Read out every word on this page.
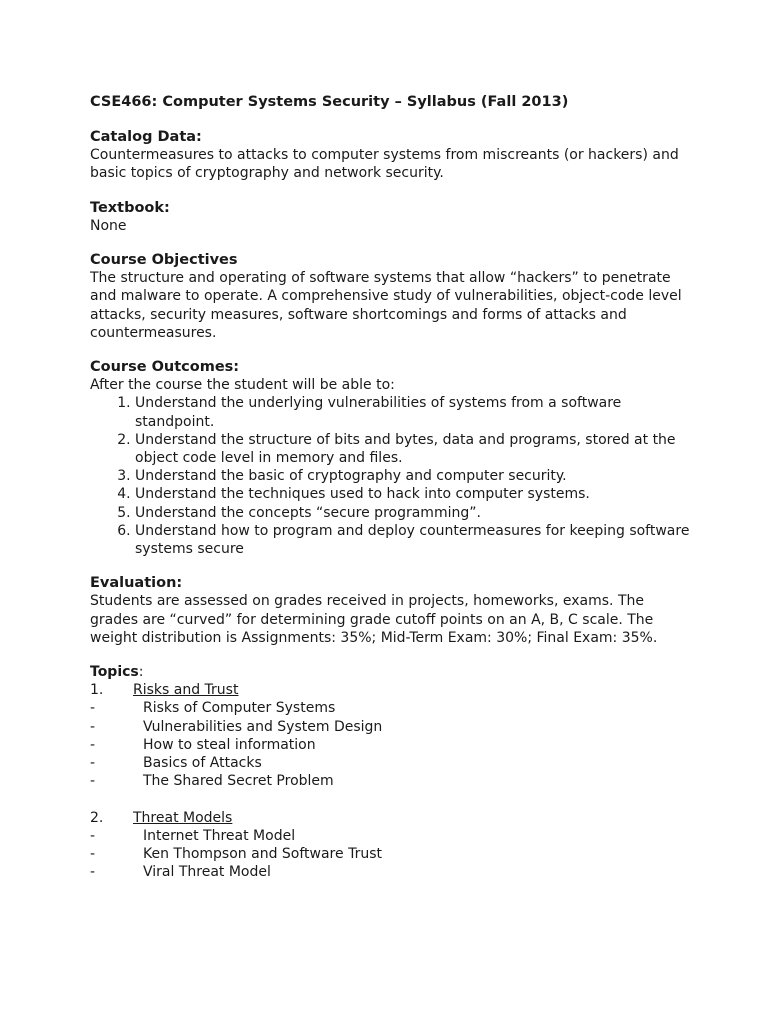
CSE466: Computer Systems Security – Syllabus (Fall 2013)

Catalog Data:

Countermeasures to attacks to computer systems from miscreants (or hackers) and basic topics of cryptography and network security.

Textbook:

None

Course Objectives

The structure and operating of software systems that allow “hackers” to penetrate and malware to operate. A comprehensive study of vulnerabilities, object-code level attacks, security measures, software shortcomings and forms of attacks and countermeasures.

Course Outcomes:

After the course the student will be able to:

1. Understand the underlying vulnerabilities of systems from a software standpoint.
2. Understand the structure of bits and bytes, data and programs, stored at the object code level in memory and files.
3. Understand the basic of cryptography and computer security.
4. Understand the techniques used to hack into computer systems.
5. Understand the concepts “secure programming”.
6. Understand how to program and deploy countermeasures for keeping software systems secure

Evaluation:

Students are assessed on grades received in projects, homeworks, exams. The grades are “curved” for determining grade cutoff points on an A, B, C scale. The weight distribution is Assignments: 35%; Mid-Term Exam: 30%; Final Exam: 35%.

Topics:

1.	Risks and Trust

-	Risks of Computer Systems

-	Vulnerabilities and System Design

-	How to steal information

-	Basics of Attacks

-	The Shared Secret Problem

2.	Threat Models

-	Internet Threat Model

-	Ken Thompson and Software Trust

-	Viral Threat Model
